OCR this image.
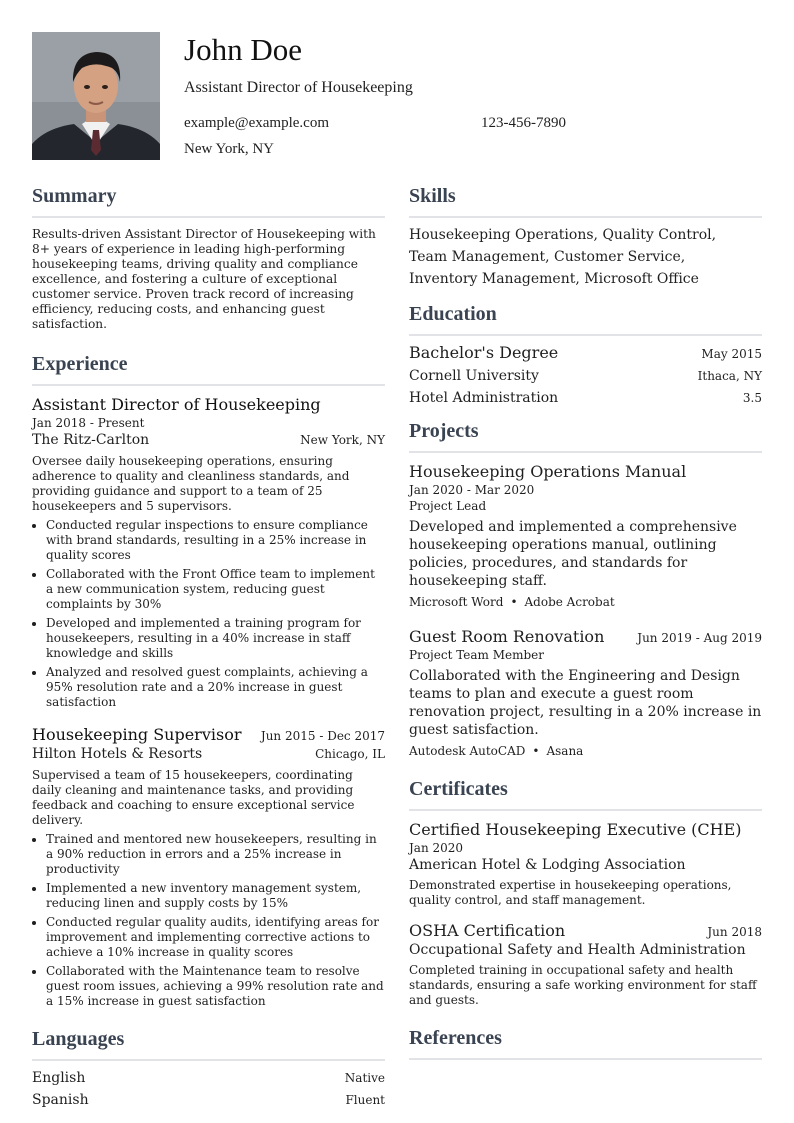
John Doe
Assistant Director of Housekeeping
example@example.com	123-456-7890
New York, NY
Summary
Results-driven Assistant Director of Housekeeping with 8+ years of experience in leading high-performing housekeeping teams, driving quality and compliance excellence, and fostering a culture of exceptional customer service. Proven track record of increasing efficiency, reducing costs, and enhancing guest satisfaction.
Experience
Assistant Director of Housekeeping
Jan 2018 - Present
The Ritz-Carlton	New York, NY
Oversee daily housekeeping operations, ensuring adherence to quality and cleanliness standards, and providing guidance and support to a team of 25 housekeepers and 5 supervisors.
• Conducted regular inspections to ensure compliance with brand standards, resulting in a 25% increase in quality scores
• Collaborated with the Front Office team to implement a new communication system, reducing guest complaints by 30%
• Developed and implemented a training program for housekeepers, resulting in a 40% increase in staff knowledge and skills
• Analyzed and resolved guest complaints, achieving a 95% resolution rate and a 20% increase in guest satisfaction
Housekeeping Supervisor Jun 2015 - Dec 2017
Hilton Hotels & Resorts	Chicago, IL
Supervised a team of 15 housekeepers, coordinating daily cleaning and maintenance tasks, and providing feedback and coaching to ensure exceptional service delivery.
• Trained and mentored new housekeepers, resulting in a 90% reduction in errors and a 25% increase in productivity
• Implemented a new inventory management system, reducing linen and supply costs by 15%
• Conducted regular quality audits, identifying areas for improvement and implementing corrective actions to achieve a 10% increase in quality scores
• Collaborated with the Maintenance team to resolve guest room issues, achieving a 99% resolution rate and a 15% increase in guest satisfaction
Languages
English	Native
Spanish	Fluent
Skills
Housekeeping Operations, Quality Control,
Team Management, Customer Service,
Inventory Management, Microsoft Office
Education
Bachelor's Degree	May 2015
Cornell University	Ithaca, NY
Hotel Administration	3.5
Projects
Housekeeping Operations Manual
Jan 2020 - Mar 2020
Project Lead
Developed and implemented a comprehensive housekeeping operations manual, outlining policies, procedures, and standards for housekeeping staff.
Microsoft Word • Adobe Acrobat
Guest Room Renovation	Jun 2019 - Aug 2019
Project Team Member
Collaborated with the Engineering and Design teams to plan and execute a guest room renovation project, resulting in a 20% increase in guest satisfaction.
Autodesk AutoCAD • Asana
Certificates
Certified Housekeeping Executive (CHE)
Jan 2020
American Hotel & Lodging Association
Demonstrated expertise in housekeeping operations, quality control, and staff management.
OSHA Certification	Jun 2018
Occupational Safety and Health Administration
Completed training in occupational safety and health standards, ensuring a safe working environment for staff and guests.
References
